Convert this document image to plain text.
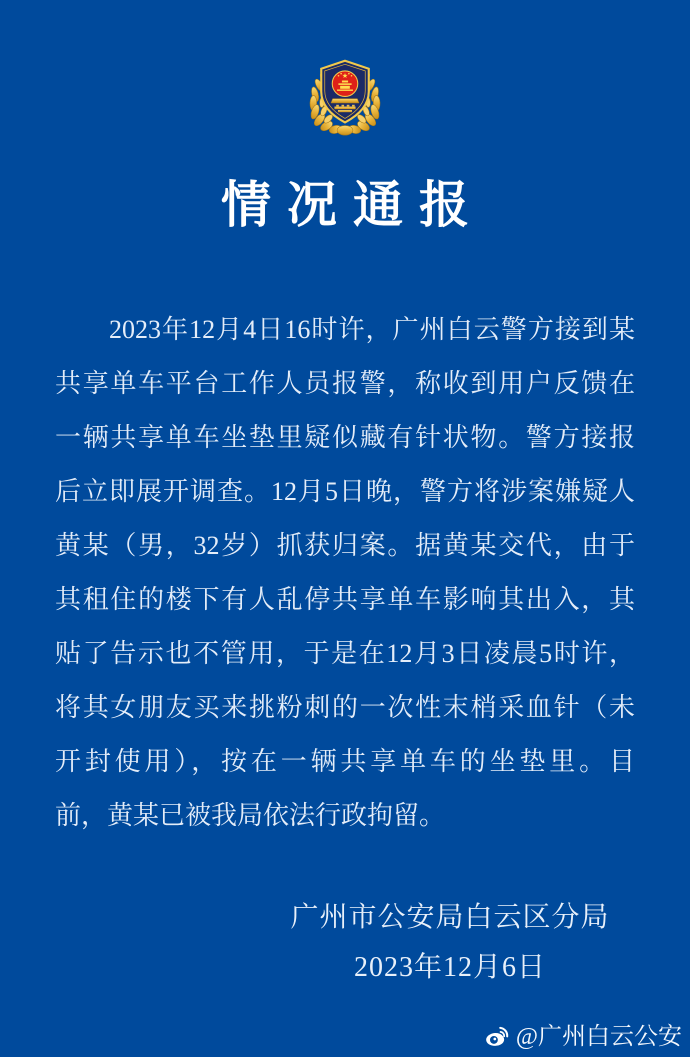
情况通报
2023年12月4日16时许，广州白云警方接到某
共享单车平台工作人员报警，称收到用户反馈在
一辆共享单车坐垫里疑似藏有针状物。警方接报
后立即展开调查。12月5日晚，警方将涉案嫌疑人
黄某（男，32岁）抓获归案。据黄某交代，由于
其租住的楼下有人乱停共享单车影响其出入，其
贴了告示也不管用，于是在12月3日凌晨5时许，
将其女朋友买来挑粉刺的一次性末梢采血针（未
开封使用），按在一辆共享单车的坐垫里。目
前，黄某已被我局依法行政拘留。
广州市公安局白云区分局
2023年12月6日
@广州白云公安
